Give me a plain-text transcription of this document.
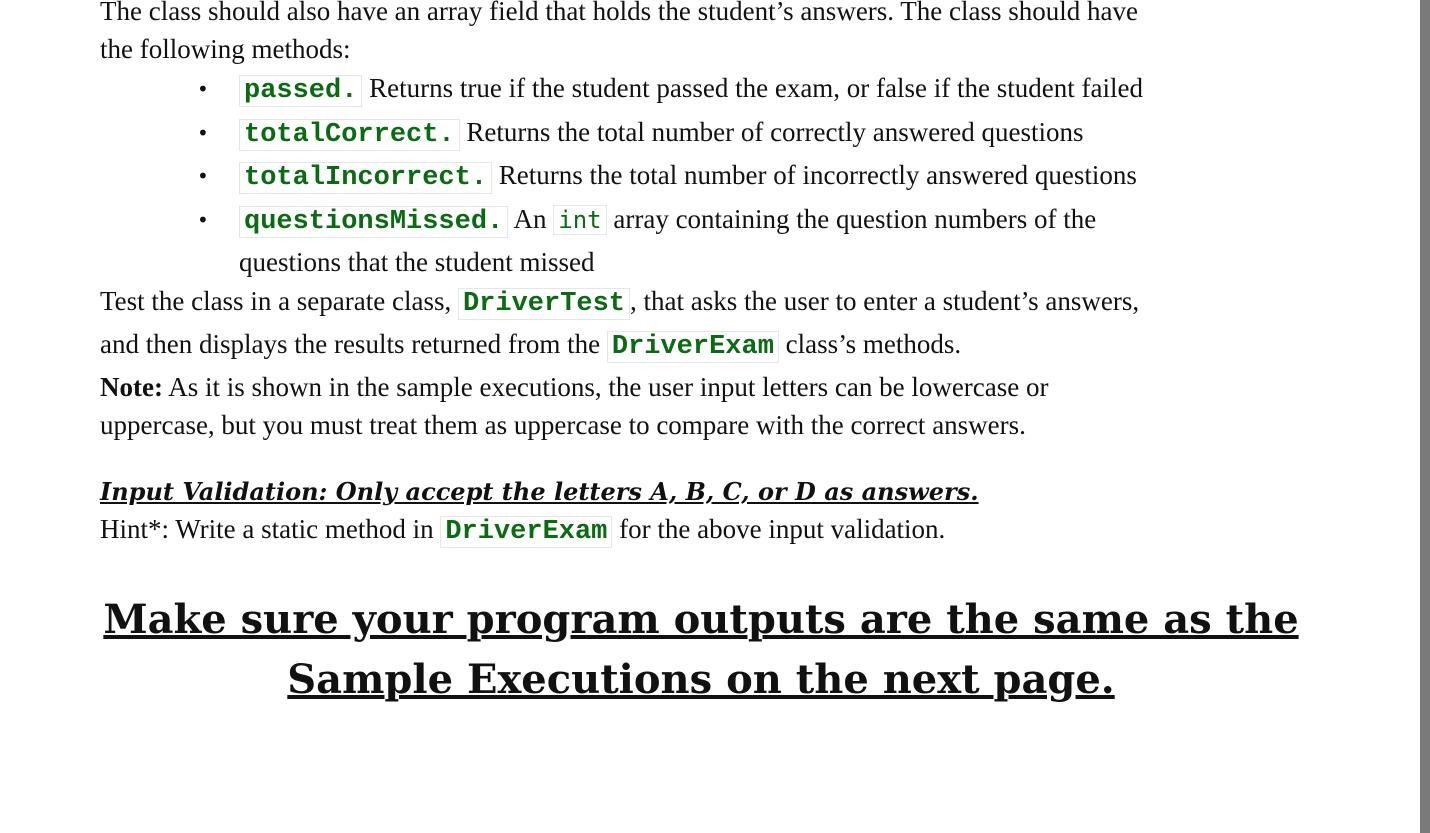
The class should also have an array field that holds the student’s answers. The class should have
the following methods:
• passed. Returns true if the student passed the exam, or false if the student failed
• totalCorrect. Returns the total number of correctly answered questions
• totalIncorrect. Returns the total number of incorrectly answered questions
• questionsMissed. An int array containing the question numbers of the
questions that the student missed
Test the class in a separate class, DriverTest , that asks the user to enter a student’s answers,
and then displays the results returned from the DriverExam class’s methods.
Note: As it is shown in the sample executions, the user input letters can be lowercase or
uppercase, but you must treat them as uppercase to compare with the correct answers.
Input Validation: Only accept the letters A, B, C, or D as answers.
Hint*: Write a static method in DriverExam for the above input validation.
Make sure your program outputs are the same as the
Sample Executions on the next page.
